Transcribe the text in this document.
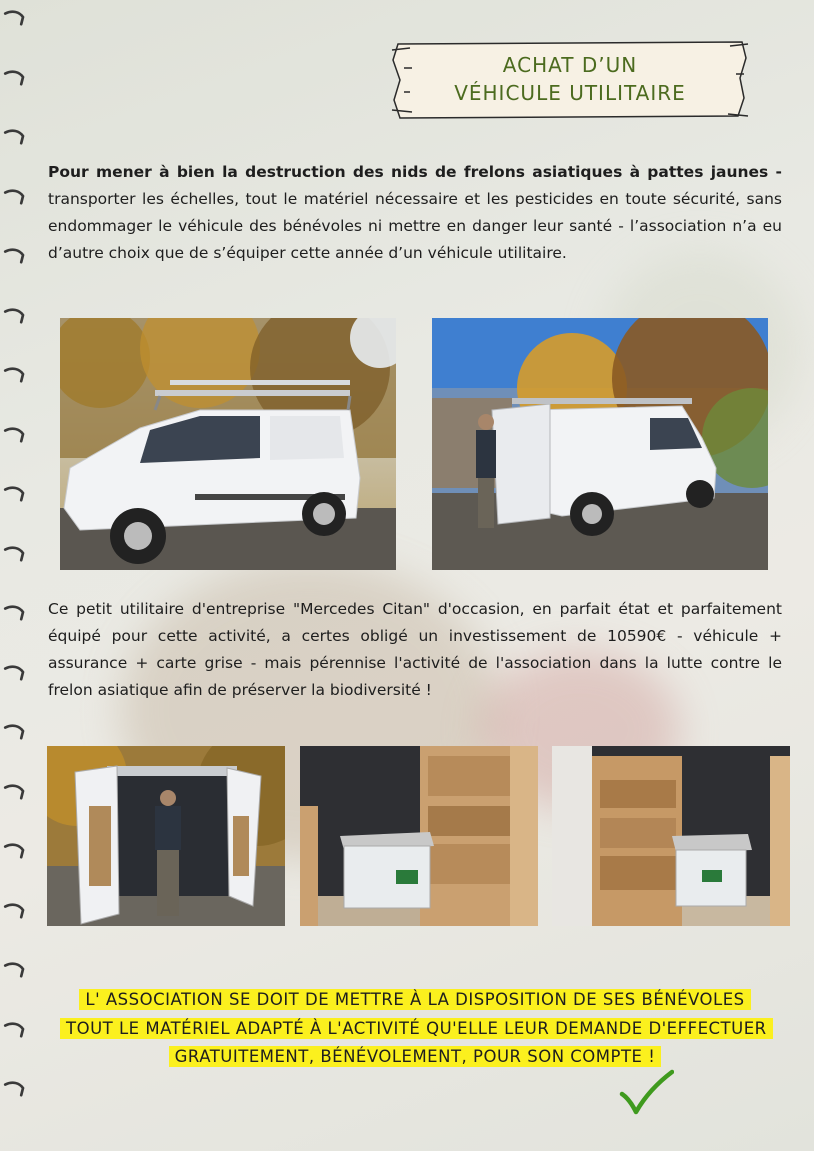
ACHAT D’UN
VÉHICULE UTILITAIRE
Pour mener à bien la destruction des nids de frelons asiatiques à pattes jaunes - transporter les échelles, tout le matériel nécessaire et les pesticides en toute sécurité, sans endommager le véhicule des bénévoles ni mettre en danger leur santé - l’association n’a eu d’autre choix que de s’équiper cette année d’un véhicule utilitaire.
Ce petit utilitaire d'entreprise "Mercedes Citan" d'occasion, en parfait état et parfaitement équipé pour cette activité, a certes obligé un investissement de 10590€ - véhicule + assurance + carte grise - mais pérennise l'activité de l'association dans la lutte contre le frelon asiatique afin de préserver la biodiversité !
L' ASSOCIATION SE DOIT DE METTRE À LA DISPOSITION DE SES BÉNÉVOLES TOUT LE MATÉRIEL ADAPTÉ À L'ACTIVITÉ QU'ELLE LEUR DEMANDE D'EFFECTUER GRATUITEMENT, BÉNÉVOLEMENT, POUR SON COMPTE !
